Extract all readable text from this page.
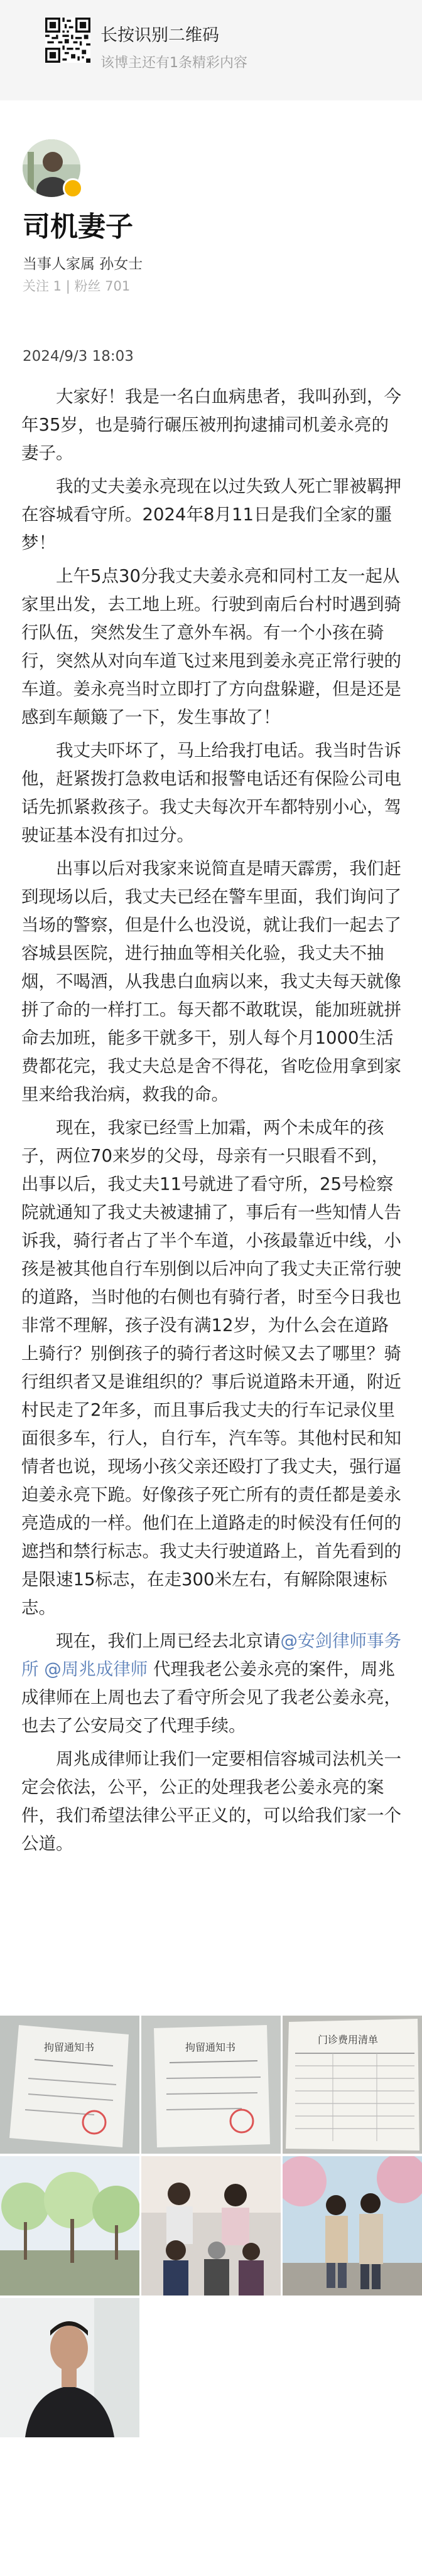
长按识别二维码
该博主还有1条精彩内容
司机妻子
当事人家属 孙女士
关注 1 | 粉丝 701
2024/9/3 18:03

大家好！我是一名白血病患者，我叫孙到，今年35岁，也是骑行碾压被刑拘逮捕司机姜永亮的妻子。

我的丈夫姜永亮现在以过失致人死亡罪被羁押在容城看守所。2024年8月11日是我们全家的噩梦！

上午5点30分我丈夫姜永亮和同村工友一起从家里出发，去工地上班。行驶到南后台村时遇到骑行队伍，突然发生了意外车祸。有一个小孩在骑行，突然从对向车道飞过来甩到姜永亮正常行驶的车道。姜永亮当时立即打了方向盘躲避，但是还是感到车颠簸了一下，发生事故了！

我丈夫吓坏了，马上给我打电话。我当时告诉他，赶紧拨打急救电话和报警电话还有保险公司电话先抓紧救孩子。我丈夫每次开车都特别小心，驾驶证基本没有扣过分。

出事以后对我家来说简直是晴天霹雳，我们赶到现场以后，我丈夫已经在警车里面，我们询问了当场的警察，但是什么也没说，就让我们一起去了容城县医院，进行抽血等相关化验，我丈夫不抽烟，不喝酒，从我患白血病以来，我丈夫每天就像拼了命的一样打工。每天都不敢耽误，能加班就拼命去加班，能多干就多干，别人每个月1000生活费都花完，我丈夫总是舍不得花，省吃俭用拿到家里来给我治病，救我的命。

现在，我家已经雪上加霜，两个未成年的孩子，两位70来岁的父母，母亲有一只眼看不到，出事以后，我丈夫11号就进了看守所，25号检察院就通知了我丈夫被逮捕了，事后有一些知情人告诉我，骑行者占了半个车道，小孩最靠近中线，小孩是被其他自行车别倒以后冲向了我丈夫正常行驶的道路，当时他的右侧也有骑行者，时至今日我也非常不理解，孩子没有满12岁，为什么会在道路上骑行？别倒孩子的骑行者这时候又去了哪里？骑行组织者又是谁组织的？事后说道路未开通，附近村民走了2年多，而且事后我丈夫的行车记录仪里面很多车，行人，自行车，汽车等。其他村民和知情者也说，现场小孩父亲还殴打了我丈夫，强行逼迫姜永亮下跪。好像孩子死亡所有的责任都是姜永亮造成的一样。他们在上道路走的时候没有任何的遮挡和禁行标志。我丈夫行驶道路上，首先看到的是限速15标志，在走300米左右，有解除限速标志。

现在，我们上周已经去北京请@安剑律师事务所 @周兆成律师 代理我老公姜永亮的案件，周兆成律师在上周也去了看守所会见了我老公姜永亮，也去了公安局交了代理手续。

周兆成律师让我们一定要相信容城司法机关一定会依法，公平，公正的处理我老公姜永亮的案件，我们希望法律公平正义的，可以给我们家一个公道。

拘留通知书	拘留通知书
门诊费用清单
